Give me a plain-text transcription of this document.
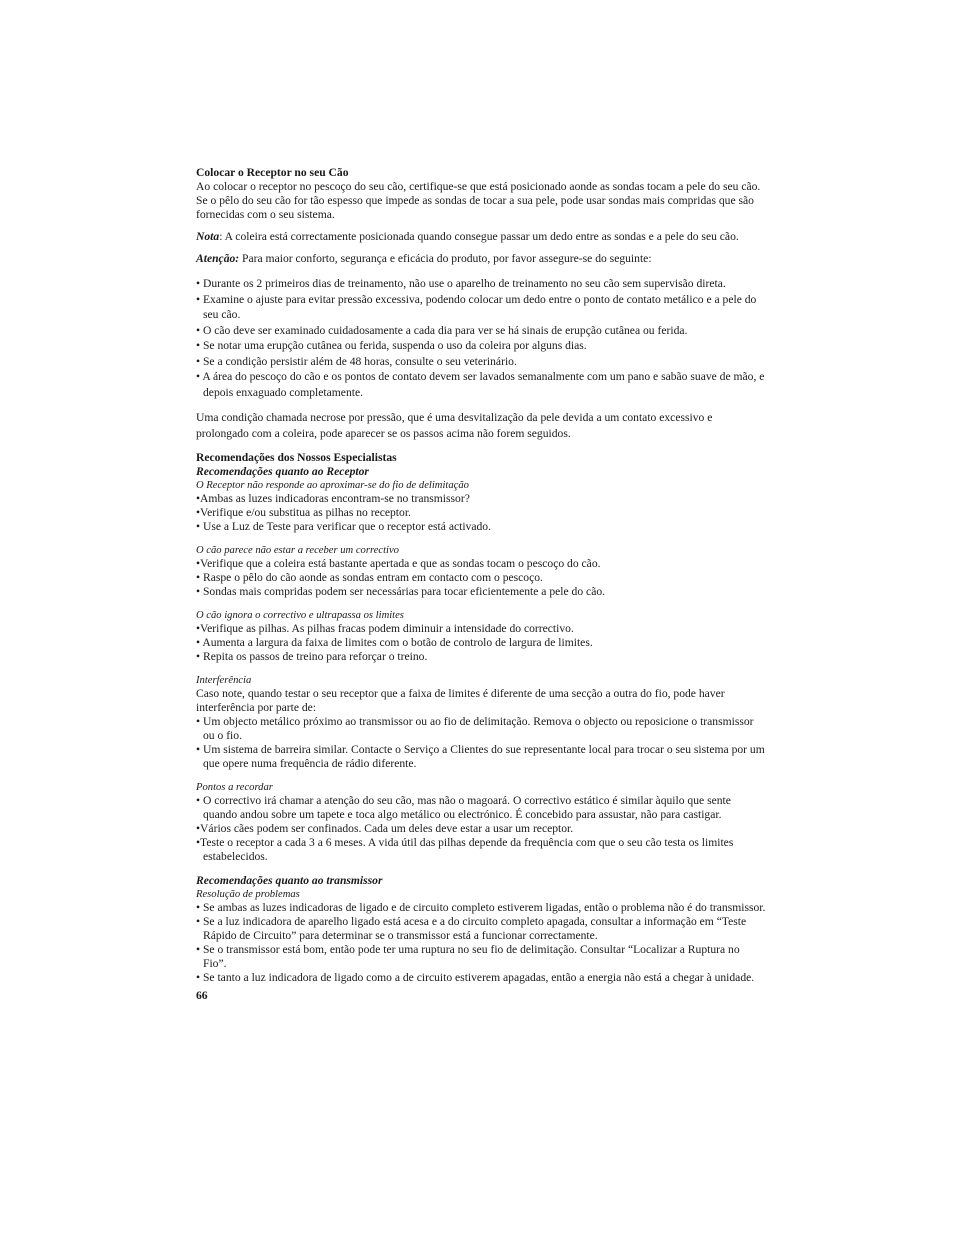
Colocar o Receptor no seu Cão

Ao colocar o receptor no pescoço do seu cão, certifique-se que está posicionado aonde as sondas tocam a pele do seu cão. Se o pêlo do seu cão for tão espesso que impede as sondas de tocar a sua pele, pode usar sondas mais compridas que são fornecidas com o seu sistema.

Nota: A coleira está correctamente posicionada quando consegue passar um dedo entre as sondas e a pele do seu cão.

Atenção: Para maior conforto, segurança e eficácia do produto, por favor assegure-se do seguinte:

• Durante os 2 primeiros dias de treinamento, não use o aparelho de treinamento no seu cão sem supervisão direta.
• Examine o ajuste para evitar pressão excessiva, podendo colocar um dedo entre o ponto de contato metálico e a pele do seu cão.
• O cão deve ser examinado cuidadosamente a cada dia para ver se há sinais de erupção cutânea ou ferida.
• Se notar uma erupção cutânea ou ferida, suspenda o uso da coleira por alguns dias.
• Se a condição persistir além de 48 horas, consulte o seu veterinário.
• A área do pescoço do cão e os pontos de contato devem ser lavados semanalmente com um pano e sabão suave de mão, e depois enxaguado completamente.

Uma condição chamada necrose por pressão, que é uma desvitalização da pele devida a um contato excessivo e prolongado com a coleira, pode aparecer se os passos acima não forem seguidos.

Recomendações dos Nossos Especialistas

Recomendações quanto ao Receptor

O Receptor não responde ao aproximar-se do fio de delimitação

•Ambas as luzes indicadoras encontram-se no transmissor?
•Verifique e/ou substitua as pilhas no receptor.
• Use a Luz de Teste para verificar que o receptor está activado.

O cão parece não estar a receber um correctivo

•Verifique que a coleira está bastante apertada e que as sondas tocam o pescoço do cão.
• Raspe o pêlo do cão aonde as sondas entram em contacto com o pescoço.
• Sondas mais compridas podem ser necessárias para tocar eficientemente a pele do cão.

O cão ignora o correctivo e ultrapassa os limites

•Verifique as pilhas. As pilhas fracas podem diminuir a intensidade do correctivo.
• Aumenta a largura da faixa de limites com o botão de controlo de largura de limites.
• Repita os passos de treino para reforçar o treino.

Interferência

Caso note, quando testar o seu receptor que a faixa de limites é diferente de uma secção a outra do fio, pode haver interferência por parte de:

• Um objecto metálico próximo ao transmissor ou ao fio de delimitação. Remova o objecto ou reposicione o transmissor ou o fio.
• Um sistema de barreira similar. Contacte o Serviço a Clientes do sue representante local para trocar o seu sistema por um que opere numa frequência de rádio diferente.

Pontos a recordar

• O correctivo irá chamar a atenção do seu cão, mas não o magoará. O correctivo estático é similar àquilo que sente quando andou sobre um tapete e toca algo metálico ou electrónico. É concebido para assustar, não para castigar.
•Vários cães podem ser confinados. Cada um deles deve estar a usar um receptor.
•Teste o receptor a cada 3 a 6 meses. A vida útil das pilhas depende da frequência com que o seu cão testa os limites estabelecidos.

Recomendações quanto ao transmissor

Resolução de problemas

• Se ambas as luzes indicadoras de ligado e de circuito completo estiverem ligadas, então o problema não é do transmissor.
• Se a luz indicadora de aparelho ligado está acesa e a do circuito completo apagada, consultar a informação em “Teste Rápido de Circuito” para determinar se o transmissor está a funcionar correctamente.
• Se o transmissor está bom, então pode ter uma ruptura no seu fio de delimitação. Consultar “Localizar a Ruptura no Fio”.
• Se tanto a luz indicadora de ligado como a de circuito estiverem apagadas, então a energia não está a chegar à unidade.

66
